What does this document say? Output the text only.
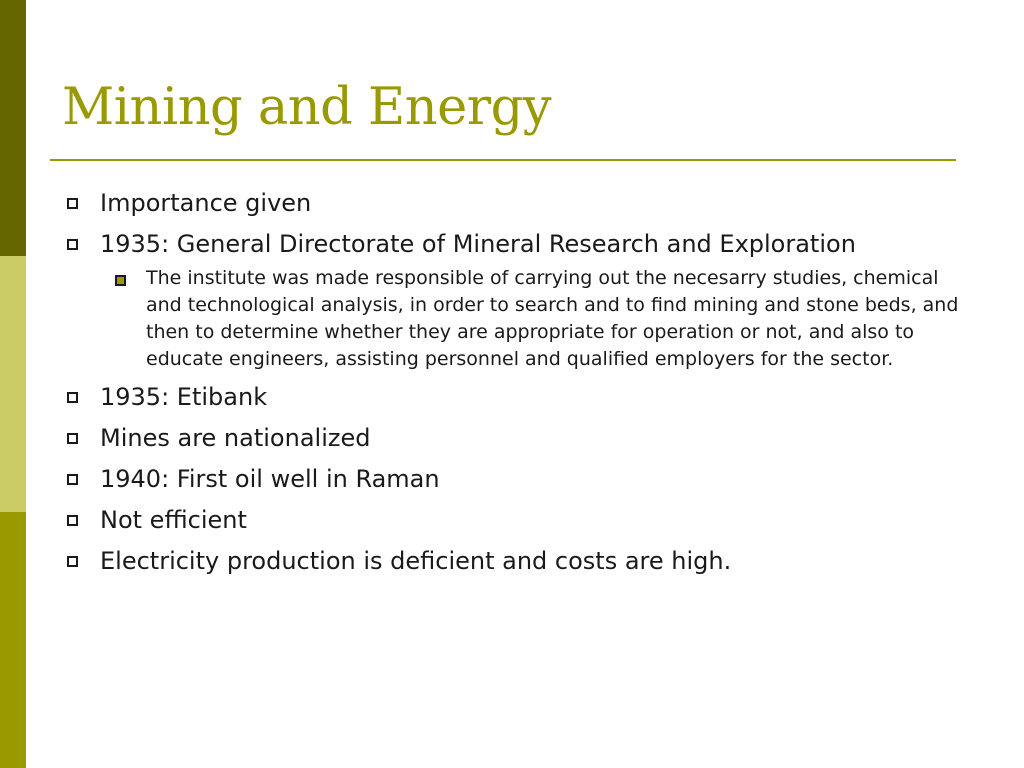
Mining and Energy
Importance given
1935: General Directorate of Mineral Research and Exploration
The institute was made responsible of carrying out the necesarry studies, chemical and technological analysis, in order to search and to find mining and stone beds, and then to determine whether they are appropriate for operation or not, and also to educate engineers, assisting personnel and qualified employers for the sector.
1935: Etibank
Mines are nationalized
1940: First oil well in Raman
Not efficient
Electricity production is deficient and costs are high.
